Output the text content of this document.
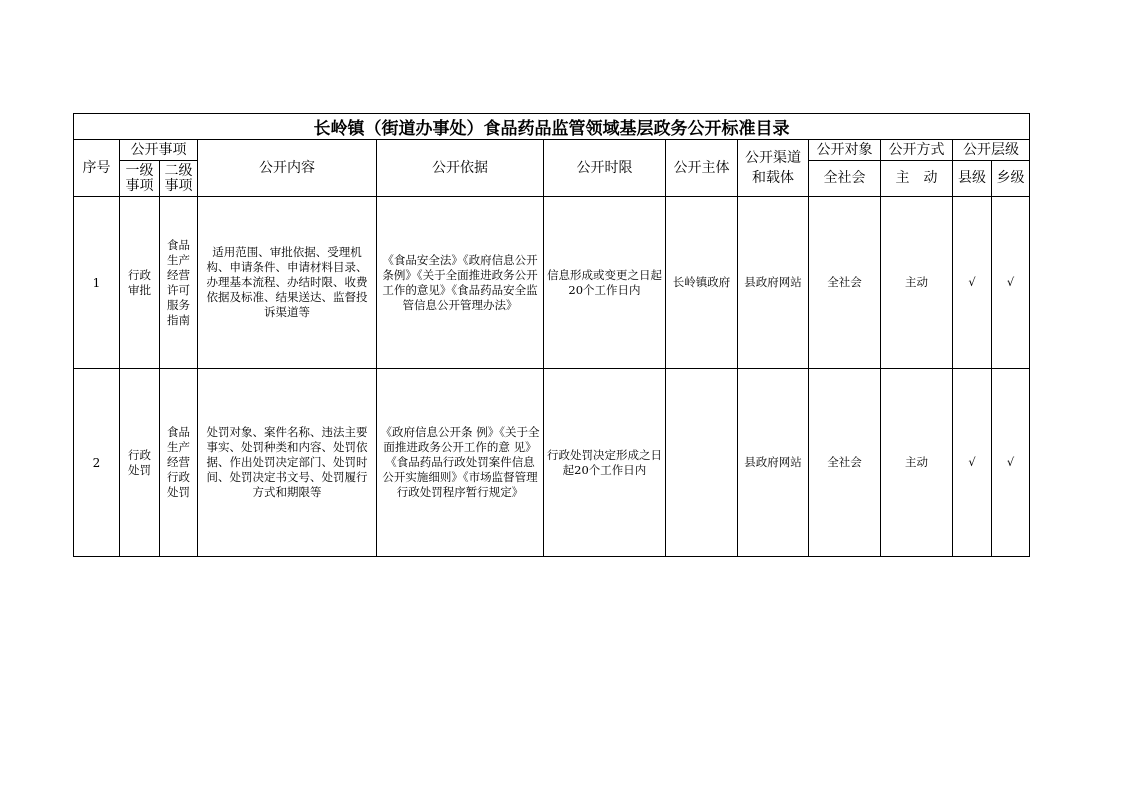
长岭镇（街道办事处）食品药品监管领域基层政务公开标准目录											
序号	公开事项		公开内容	公开依据	公开时限	公开主体	公开渠道和载体	公开对象	公开方式	公开层级	

	一级事项	二级事项						全社会	主　动	县级	乡级
1	行政审批	食品生产经营许可服务指南	适用范围、审批依据、受理机构、申请条件、申请材料目录、办理基本流程、办结时限、收费依据及标准、结果送达、监督投诉渠道等	《食品安全法》《政府信息公开条例》《关于全面推进政务公开工作的意见》《食品药品安全监管信息公开管理办法》	信息形成或变更之日起20个工作日内	长岭镇政府	县政府网站	全社会	主动	√	√
2	行政处罚	食品生产经营行政处罚	处罚对象、案件名称、违法主要事实、处罚种类和内容、处罚依据、作出处罚决定部门、处罚时间、处罚决定书文号、处罚履行方式和期限等	《政府信息公开条 例》《关于全面推进政务公开工作的意 见》《食品药品行政处罚案件信息公开实施细则》《市场监督管理行政处罚程序暂行规定》	行政处罚决定形成之日起20个工作日内		县政府网站	全社会	主动	√	√
